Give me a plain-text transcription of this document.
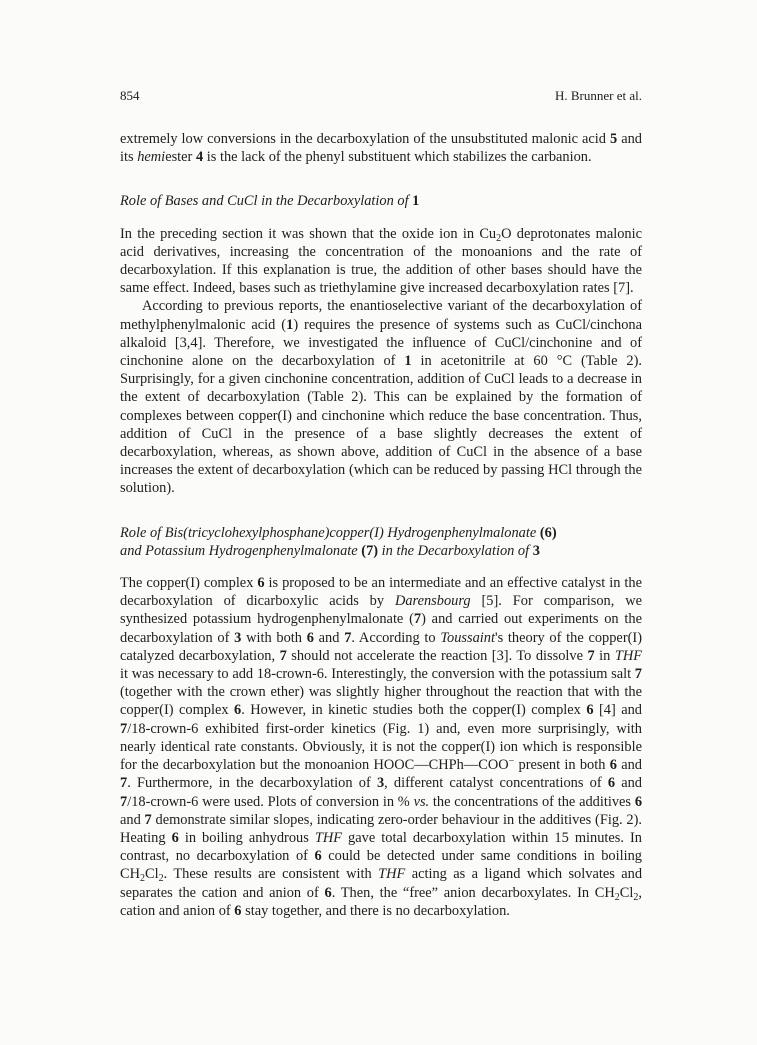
854	H. Brunner et al.

extremely low conversions in the decarboxylation of the unsubstituted malonic acid 5 and its hemiester 4 is the lack of the phenyl substituent which stabilizes the carbanion.

Role of Bases and CuCl in the Decarboxylation of 1

In the preceding section it was shown that the oxide ion in $Cu_2O$ deprotonates malonic acid derivatives, increasing the concentration of the monoanions and the rate of decarboxylation. If this explanation is true, the addition of other bases should have the same effect. Indeed, bases such as triethylamine give increased decarboxylation rates [7].

According to previous reports, the enantioselective variant of the decarboxylation of methylphenylmalonic acid (1) requires the presence of systems such as CuCl/cinchona alkaloid [3,4]. Therefore, we investigated the influence of CuCl/cinchonine and of cinchonine alone on the decarboxylation of 1 in acetonitrile at 60 °C (Table 2). Surprisingly, for a given cinchonine concentration, addition of CuCl leads to a decrease in the extent of decarboxylation (Table 2). This can be explained by the formation of complexes between copper(I) and cinchonine which reduce the base concentration. Thus, addition of CuCl in the presence of a base slightly decreases the extent of decarboxylation, whereas, as shown above, addition of CuCl in the absence of a base increases the extent of decarboxylation (which can be reduced by passing HCl through the solution).

Role of Bis(tricyclohexylphosphane)copper(I) Hydrogenphenylmalonate (6)
and Potassium Hydrogenphenylmalonate (7) in the Decarboxylation of 3

The copper(I) complex 6 is proposed to be an intermediate and an effective catalyst in the decarboxylation of dicarboxylic acids by Darensbourg [5]. For comparison, we synthesized potassium hydrogenphenylmalonate (7) and carried out experiments on the decarboxylation of 3 with both 6 and 7. According to Toussaint's theory of the copper(I) catalyzed decarboxylation, 7 should not accelerate the reaction [3]. To dissolve 7 in THF it was necessary to add 18-crown-6. Interestingly, the conversion with the potassium salt 7 (together with the crown ether) was slightly higher throughout the reaction that with the copper(I) complex 6. However, in kinetic studies both the copper(I) complex 6 [4] and 7/18-crown-6 exhibited first-order kinetics (Fig. 1) and, even more surprisingly, with nearly identical rate constants. Obviously, it is not the copper(I) ion which is responsible for the decarboxylation but the monoanion HOOC—CHPh—COO− present in both 6 and 7. Furthermore, in the decarboxylation of 3, different catalyst concentrations of 6 and 7/18-crown-6 were used. Plots of conversion in % vs. the concentrations of the additives 6 and 7 demonstrate similar slopes, indicating zero-order behaviour in the additives (Fig. 2). Heating 6 in boiling anhydrous THF gave total decarboxylation within 15 minutes. In contrast, no decarboxylation of 6 could be detected under same conditions in boiling $CH_2Cl_2$. These results are consistent with THF acting as a ligand which solvates and separates the cation and anion of 6. Then, the “free” anion decarboxylates. In $CH_2Cl_2$, cation and anion of 6 stay together, and there is no decarboxylation.
